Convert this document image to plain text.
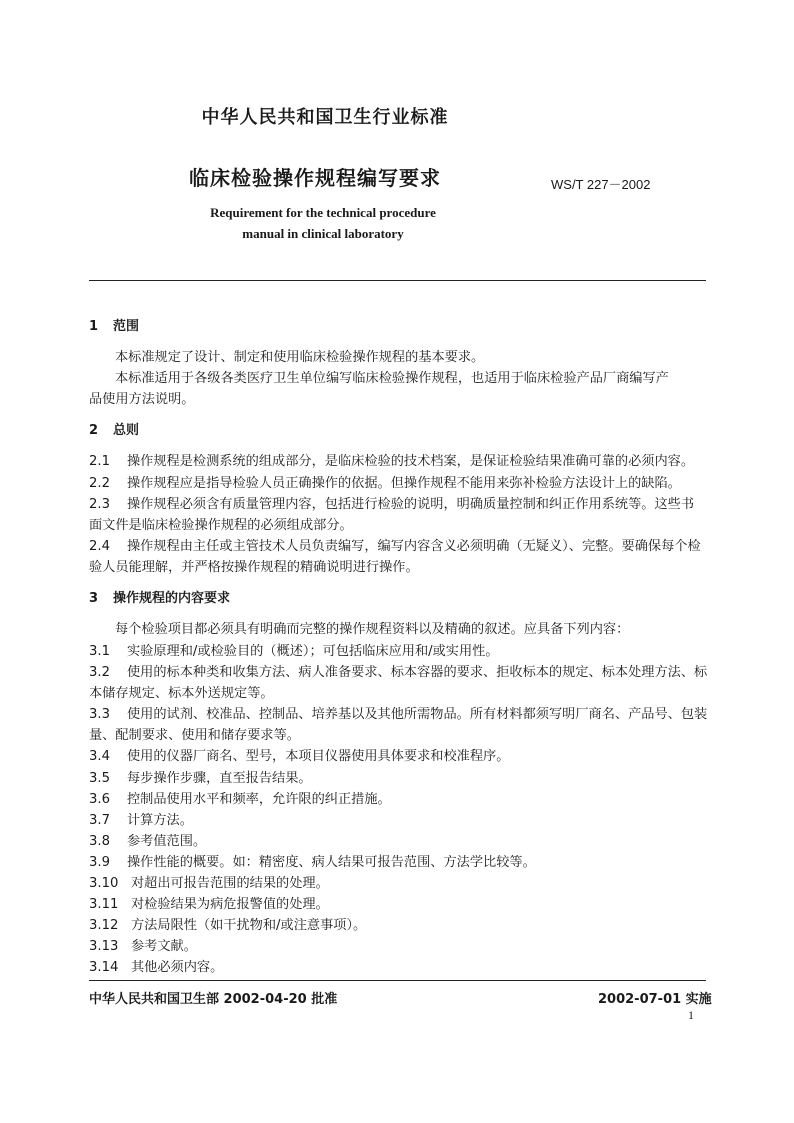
中华人民共和国卫生行业标准
临床检验操作规程编写要求	WS/T 227－2002
Requirement for the technical procedure
manual in clinical laboratory
1 范围
本标准规定了设计、制定和使用临床检验操作规程的基本要求。
本标准适用于各级各类医疗卫生单位编写临床检验操作规程，也适用于临床检验产品厂商编写产
品使用方法说明。
2 总则
2.1 操作规程是检测系统的组成部分，是临床检验的技术档案，是保证检验结果准确可靠的必须内容。
2.2 操作规程应是指导检验人员正确操作的依据。但操作规程不能用来弥补检验方法设计上的缺陷。
2.3 操作规程必须含有质量管理内容，包括进行检验的说明，明确质量控制和纠正作用系统等。这些书
面文件是临床检验操作规程的必须组成部分。
2.4 操作规程由主任或主管技术人员负责编写，编写内容含义必须明确（无疑义）、完整。要确保每个检
验人员能理解，并严格按操作规程的精确说明进行操作。
3 操作规程的内容要求
每个检验项目都必须具有明确而完整的操作规程资料以及精确的叙述。应具备下列内容：
3.1 实验原理和/或检验目的（概述）；可包括临床应用和/或实用性。
3.2 使用的标本种类和收集方法、病人准备要求、标本容器的要求、拒收标本的规定、标本处理方法、标
本储存规定、标本外送规定等。
3.3 使用的试剂、校准品、控制品、培养基以及其他所需物品。所有材料都须写明厂商名、产品号、包装
量、配制要求、使用和储存要求等。
3.4 使用的仪器厂商名、型号，本项目仪器使用具体要求和校准程序。
3.5 每步操作步骤，直至报告结果。
3.6 控制品使用水平和频率，允许限的纠正措施。
3.7 计算方法。
3.8 参考值范围。
3.9 操作性能的概要。如：精密度、病人结果可报告范围、方法学比较等。
3.10 对超出可报告范围的结果的处理。
3.11 对检验结果为病危报警值的处理。
3.12 方法局限性（如干扰物和/或注意事项）。
3.13 参考文献。
3.14 其他必须内容。
中华人民共和国卫生部 2002-04-20 批准	2002-07-01 实施
1
